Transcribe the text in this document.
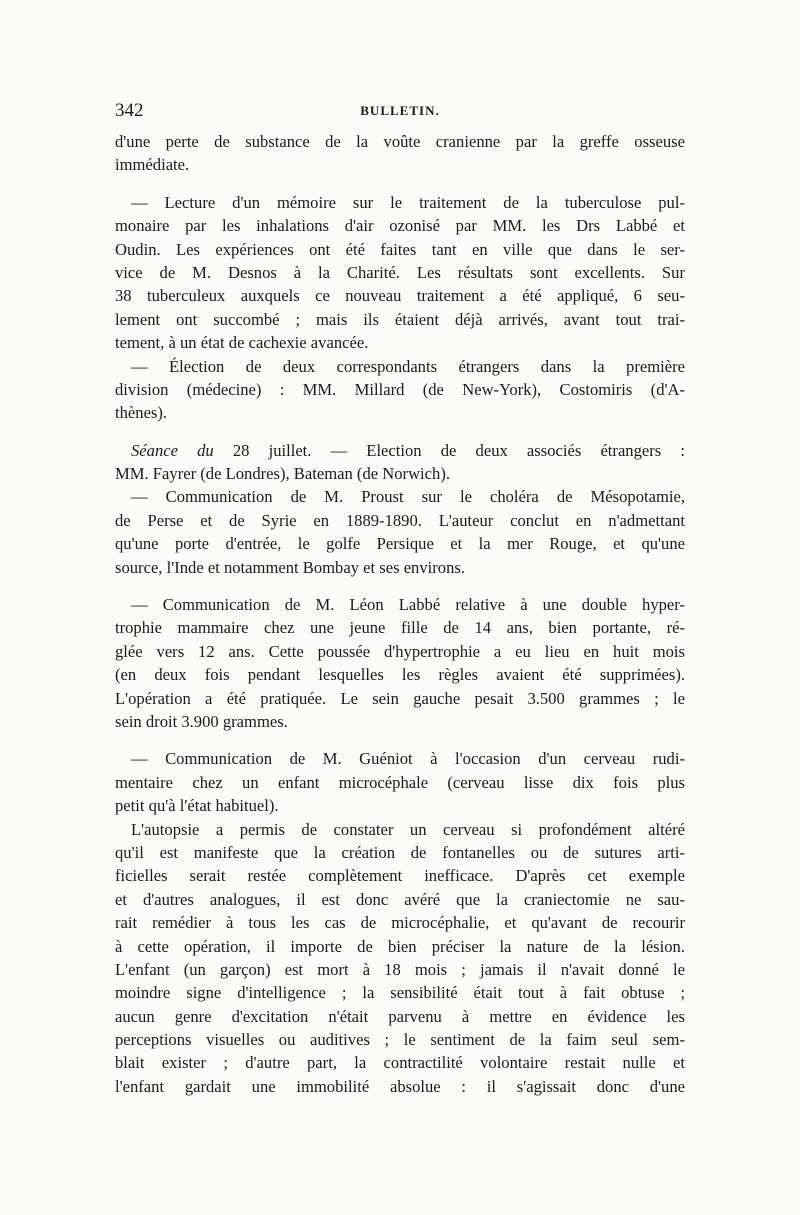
342	BULLETIN.
d'une perte de substance de la voûte cranienne par la greffe osseuse
immédiate.
— Lecture d'un mémoire sur le traitement de la tuberculose pul-
monaire par les inhalations d'air ozonisé par MM. les Drs Labbé et
Oudin. Les expériences ont été faites tant en ville que dans le ser-
vice de M. Desnos à la Charité. Les résultats sont excellents. Sur
38 tuberculeux auxquels ce nouveau traitement a été appliqué, 6 seu-
lement ont succombé ; mais ils étaient déjà arrivés, avant tout trai-
tement, à un état de cachexie avancée.
— Élection de deux correspondants étrangers dans la première
division (médecine) : MM. Millard (de New-York), Costomiris (d'A-
thènes).
Séance du 28 juillet. — Election de deux associés étrangers :
MM. Fayrer (de Londres), Bateman (de Norwich).
— Communication de M. Proust sur le choléra de Mésopotamie,
de Perse et de Syrie en 1889-1890. L'auteur conclut en n'admettant
qu'une porte d'entrée, le golfe Persique et la mer Rouge, et qu'une
source, l'Inde et notamment Bombay et ses environs.
— Communication de M. Léon Labbé relative à une double hyper-
trophie mammaire chez une jeune fille de 14 ans, bien portante, ré-
glée vers 12 ans. Cette poussée d'hypertrophie a eu lieu en huit mois
(en deux fois pendant lesquelles les règles avaient été supprimées).
L'opération a été pratiquée. Le sein gauche pesait 3.500 grammes ; le
sein droit 3.900 grammes.
— Communication de M. Guéniot à l'occasion d'un cerveau rudi-
mentaire chez un enfant microcéphale (cerveau lisse dix fois plus
petit qu'à l'état habituel).
L'autopsie a permis de constater un cerveau si profondément altéré
qu'il est manifeste que la création de fontanelles ou de sutures arti-
ficielles serait restée complètement inefficace. D'après cet exemple
et d'autres analogues, il est donc avéré que la craniectomie ne sau-
rait remédier à tous les cas de microcéphalie, et qu'avant de recourir
à cette opération, il importe de bien préciser la nature de la lésion.
L'enfant (un garçon) est mort à 18 mois ; jamais il n'avait donné le
moindre signe d'intelligence ; la sensibilité était tout à fait obtuse ;
aucun genre d'excitation n'était parvenu à mettre en évidence les
perceptions visuelles ou auditives ; le sentiment de la faim seul sem-
blait exister ; d'autre part, la contractilité volontaire restait nulle et
l'enfant gardait une immobilité absolue : il s'agissait donc d'une
